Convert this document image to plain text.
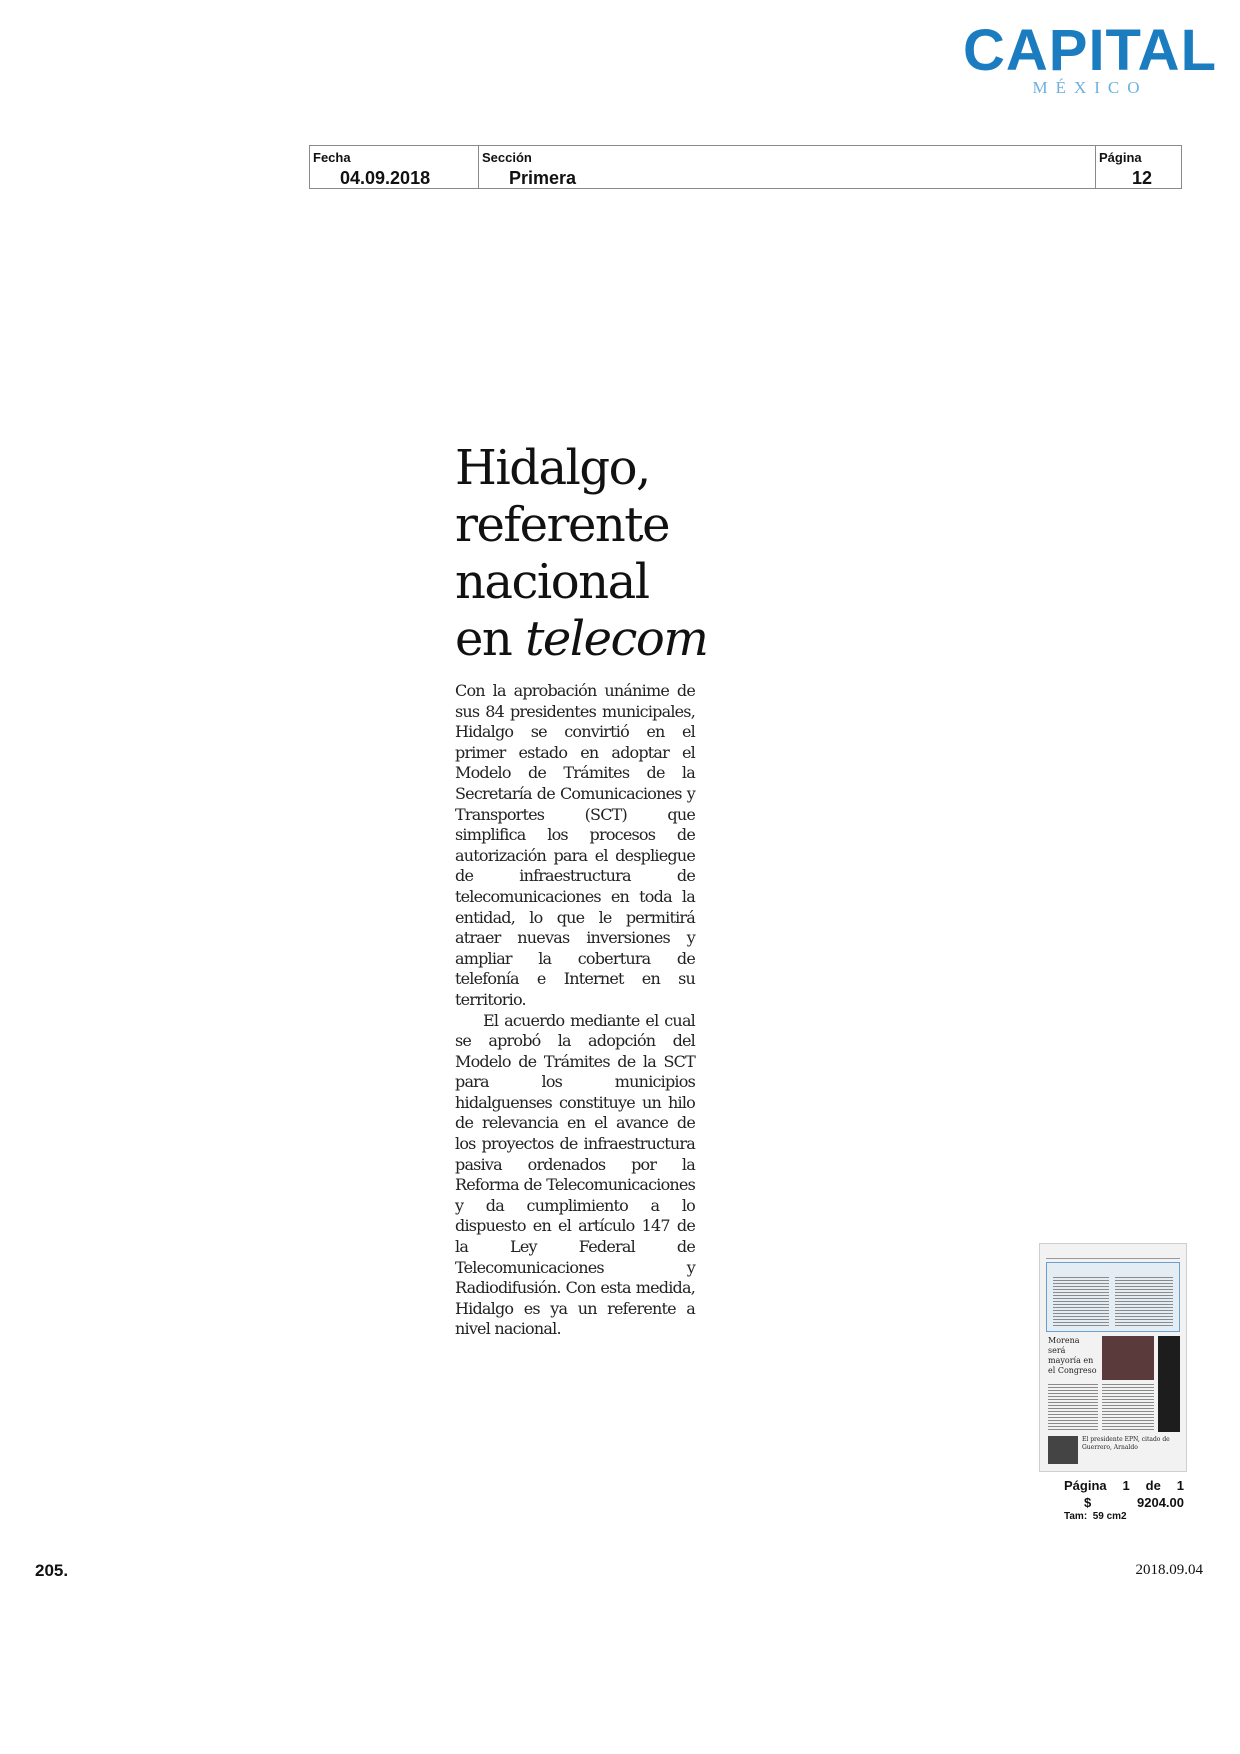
CAPITAL
MÉXICO
Fecha
04.09.2018
Sección
Primera
Página
12
Hidalgo,
referente
nacional
en telecom

Con la aprobación unánime de sus 84 presidentes municipales, Hidalgo se convirtió en el primer estado en adoptar el Modelo de Trámites de la Secretaría de Comunicaciones y Transportes (SCT) que simplifica los procesos de autorización para el despliegue de infraestructura de telecomunicaciones en toda la entidad, lo que le permitirá atraer nuevas inversiones y ampliar la cobertura de telefonía e Internet en su territorio.

El acuerdo mediante el cual se aprobó la adopción del Modelo de Trámites de la SCT para los municipios hidalguenses constituye un hilo de relevancia en el avance de los proyectos de infraestructura pasiva ordenados por la Reforma de Telecomunicaciones y da cumplimiento a lo dispuesto en el artículo 147 de la Ley Federal de Telecomunicaciones y Radiodifusión. Con esta medida, Hidalgo es ya un referente a nivel nacional.

Morena será mayoría en el Congreso
El presidente EPN, citado de Guerrero, Arnaldo
Página 1 de 1
$	9204.00
Tam:  59 cm2
205.	2018.09.04
